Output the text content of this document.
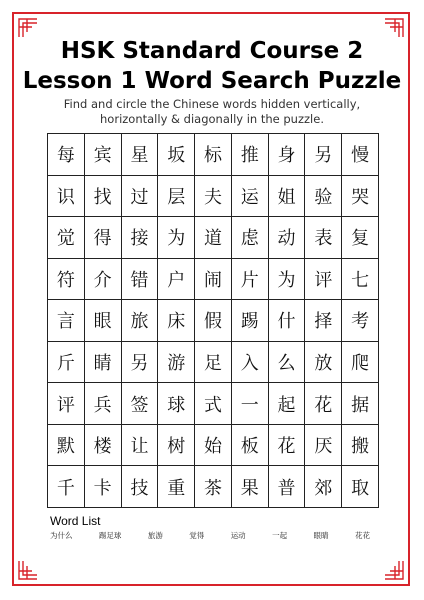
HSK Standard Course 2
Lesson 1 Word Search Puzzle
Find and circle the Chinese words hidden vertically, horizontally & diagonally in the puzzle.
每	宾	星	坂	标	推	身	另	慢
识	找	过	层	夫	运	姐	验	哭
觉	得	接	为	道	虑	动	表	复
符	介	错	户	闹	片	为	评	七
言	眼	旅	床	假	踢	什	择	考
斤	睛	另	游	足	入	么	放	爬
评	兵	签	球	式	一	起	花	据
默	楼	让	树	始	板	花	厌	搬
千	卡	技	重	茶	果	普	郊	取
Word List
为什么	踢足球	旅游	觉得	运动	一起	眼睛	花花
